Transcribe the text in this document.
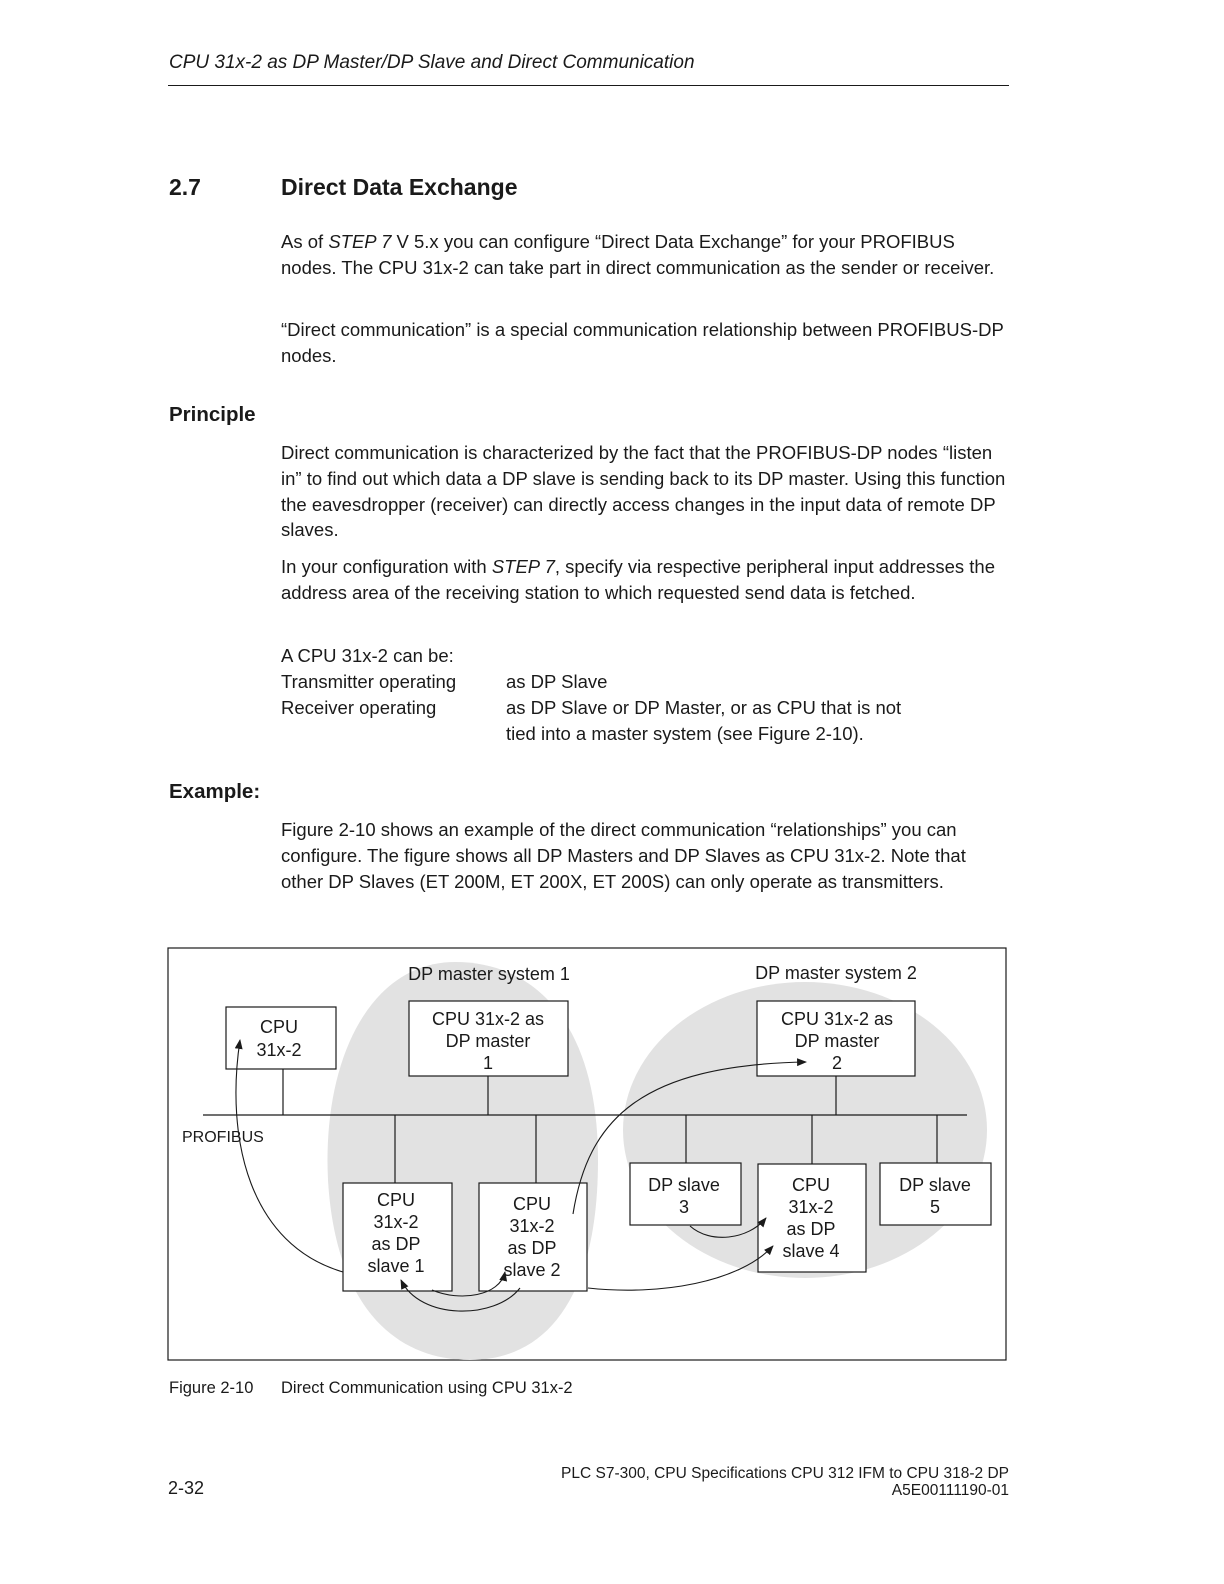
CPU 31x-2 as DP Master/DP Slave and Direct Communication
2.7	Direct Data Exchange
As of STEP 7 V 5.x you can configure “Direct Data Exchange” for your PROFIBUS nodes. The CPU 31x-2 can take part in direct communication as the sender or receiver.
“Direct communication” is a special communication relationship between PROFIBUS-DP nodes.
Principle
Direct communication is characterized by the fact that the PROFIBUS-DP nodes “listen in” to find out which data a DP slave is sending back to its DP master. Using this function the eavesdropper (receiver) can directly access changes in the input data of remote DP slaves.
In your configuration with STEP 7, specify via respective peripheral input addresses the address area of the receiving station to which requested send data is fetched.
A CPU 31x-2 can be:
Transmitter operating	as DP Slave
Receiver operating	as DP Slave or DP Master, or as CPU that is not
tied into a master system (see Figure 2-10).
Example:
Figure 2-10 shows an example of the direct communication “relationships” you can configure. The figure shows all DP Masters and DP Slaves as CPU 31x-2. Note that other DP Slaves (ET 200M, ET 200X, ET 200S) can only operate as transmitters.
DP master system 1	DP master system 2
PROFIBUS
CPU
31x-2
CPU 31x-2 as
DP master
1
CPU 31x-2 as
DP master
2
CPU
31x-2
as DP
slave 1
CPU
31x-2
as DP
slave 2
DP slave
3
CPU
31x-2
as DP
slave 4
DP slave
5
Figure 2-10 Direct Communication using CPU 31x-2
2-32
PLC S7-300, CPU Specifications CPU 312 IFM to CPU 318-2 DP
A5E00111190-01
